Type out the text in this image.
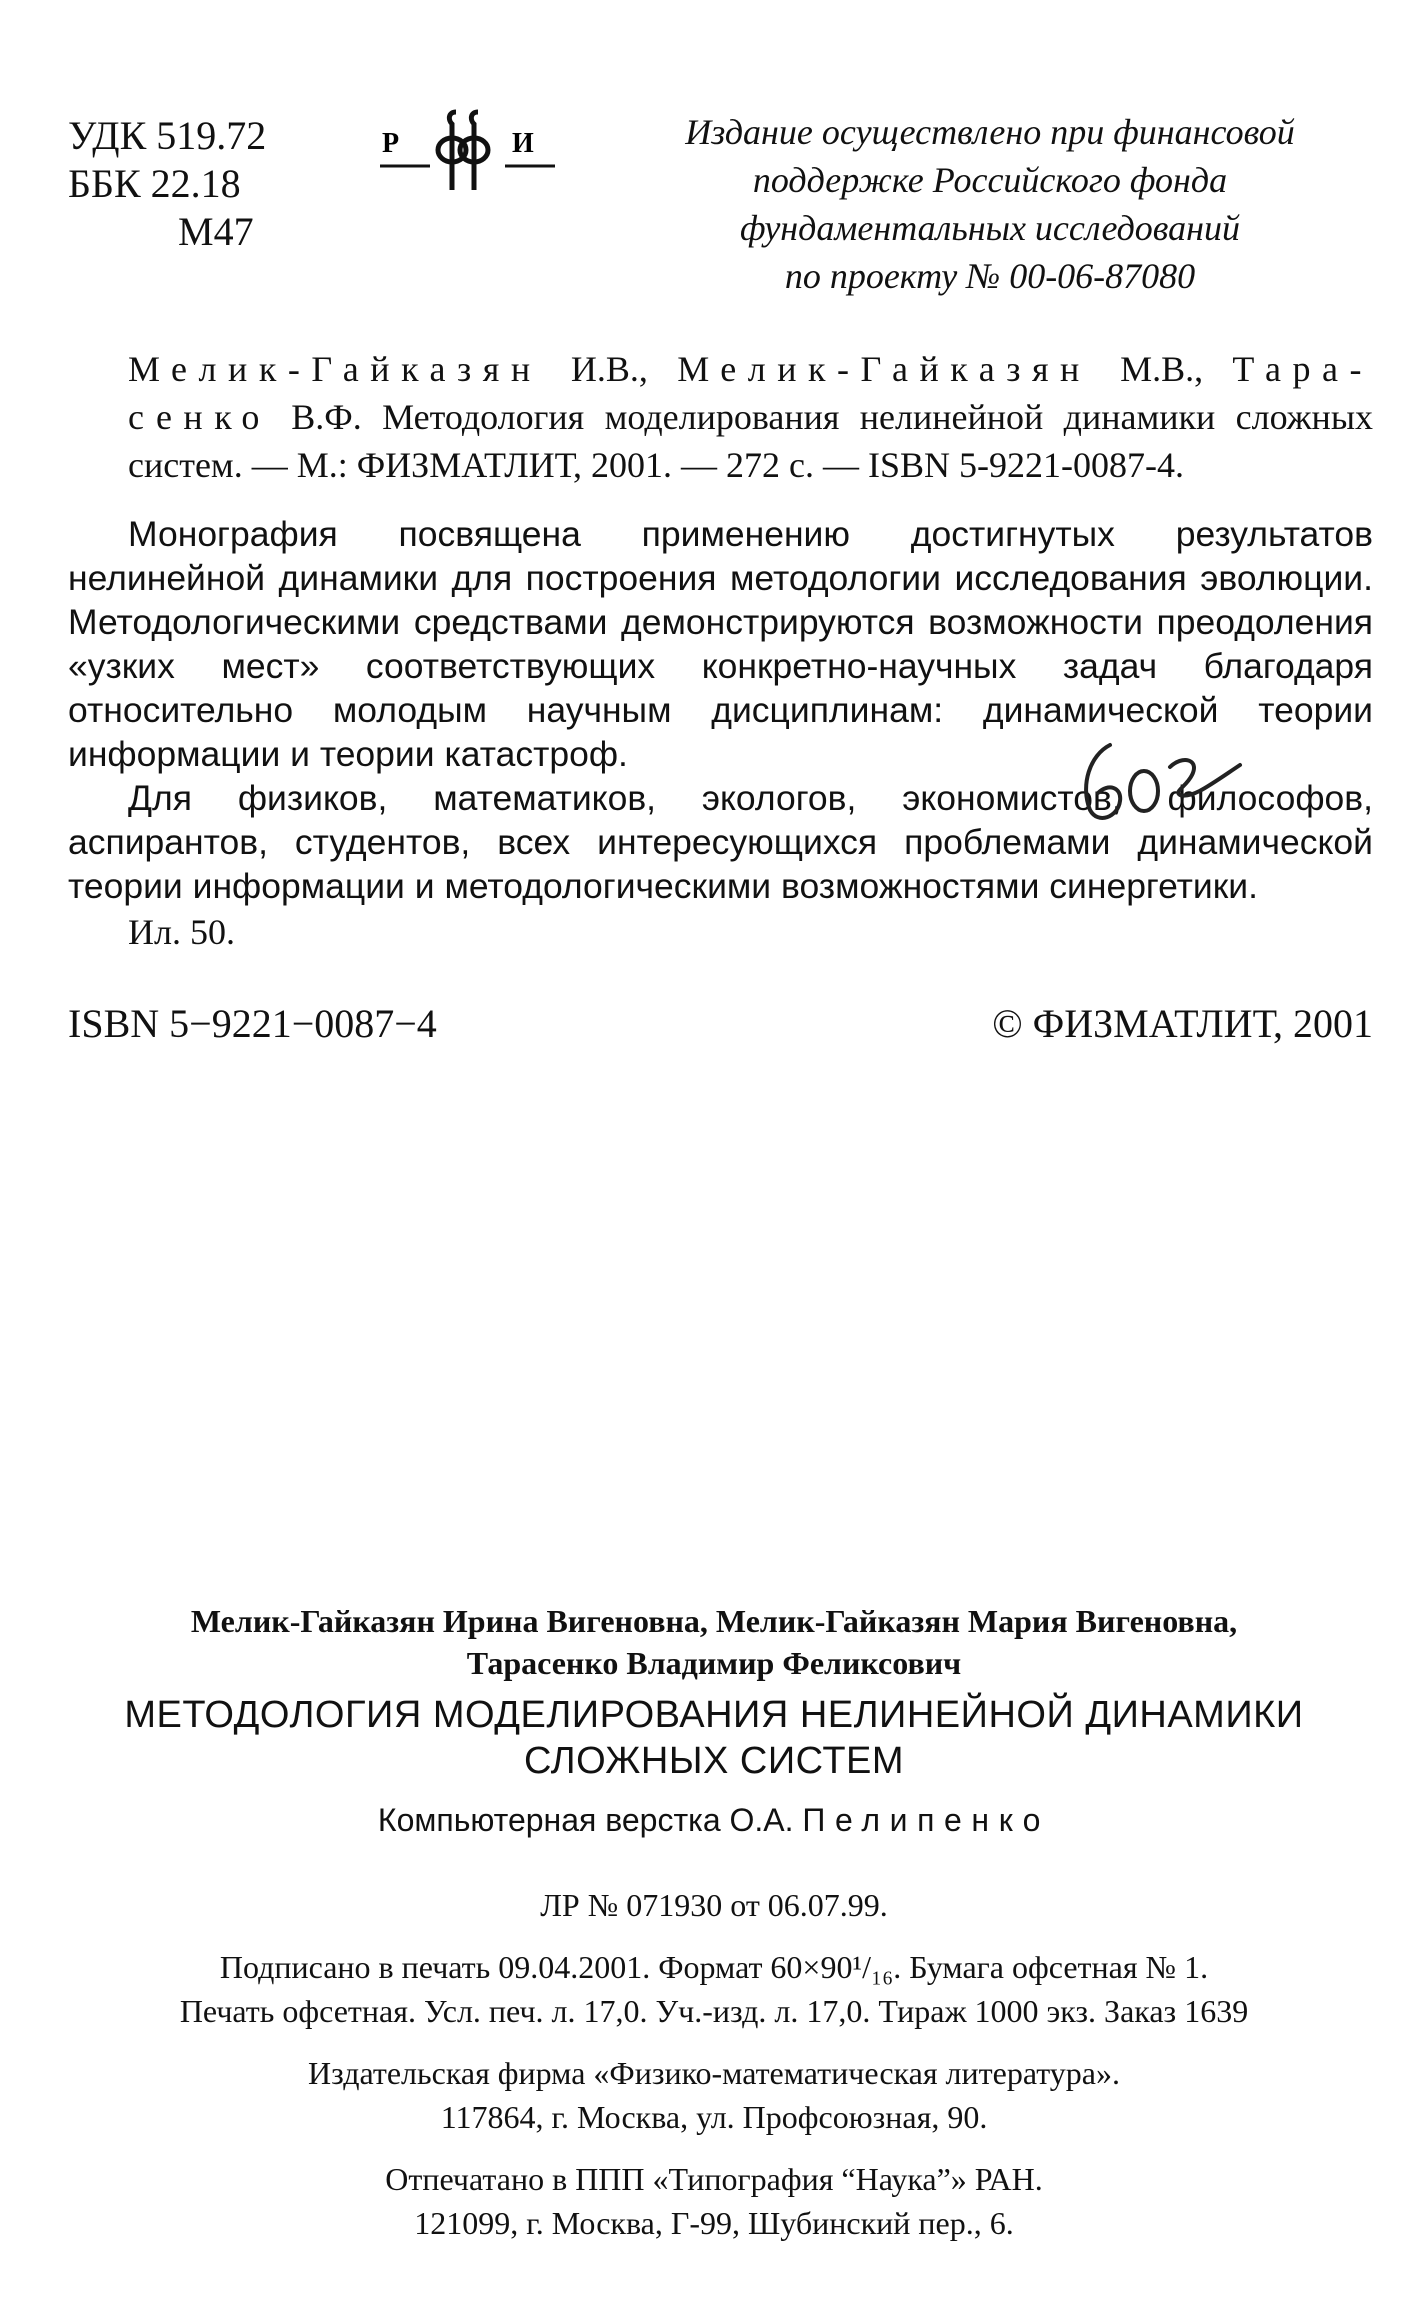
УДК 519.72
ББК 22.18
М47
Р	И	Издание осуществлено при финансовой
поддержке Российского фонда
фундаментальных исследований
по проекту № 00-06-87080

Мелик-Гайказян И.В., Мелик-Гайказян М.В., Тара- сенко В.Ф. Методология моделирования нелинейной динамики сложных систем. — М.: ФИЗМАТЛИТ, 2001. — 272 с. — ISBN 5-9221-0087-4.

Монография посвящена применению достигнутых результатов нелинейной динамики для построения методологии исследования эволюции. Методологическими средствами демонстрируются возможности преодоления «узких мест» соответствующих конкретно-научных задач благодаря относительно молодым научным дисциплинам: динамической теории информации и теории катастроф.

Для физиков, математиков, экологов, экономистов, философов, аспирантов, студентов, всех интересующихся проблемами динамической теории информации и методологическими возможностями синергетики.

Ил. 50.

ISBN 5−9221−0087−4	© ФИЗМАТЛИТ, 2001
Мелик-Гайказян Ирина Вигеновна, Мелик-Гайказян Мария Вигеновна,
Тарасенко Владимир Феликсович
МЕТОДОЛОГИЯ МОДЕЛИРОВАНИЯ НЕЛИНЕЙНОЙ ДИНАМИКИ
СЛОЖНЫХ СИСТЕМ
Компьютерная верстка О.А. Пелипенко
ЛР № 071930 от 06.07.99.
Подписано в печать 09.04.2001. Формат 60×90¹/₁₆. Бумага офсетная № 1.
Печать офсетная. Усл. печ. л. 17,0. Уч.-изд. л. 17,0. Тираж 1000 экз. Заказ 1639
Издательская фирма «Физико-математическая литература».
117864, г. Москва, ул. Профсоюзная, 90.
Отпечатано в ППП «Типография “Наука”» РАН.
121099, г. Москва, Г-99, Шубинский пер., 6.
